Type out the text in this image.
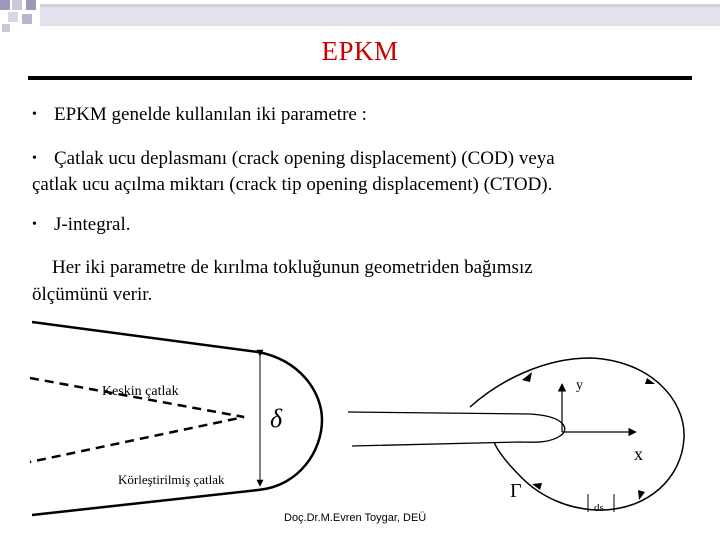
EPKM
• EPKM genelde kullanılan iki parametre :
• Çatlak ucu deplasmanı (crack opening displacement) (COD) veya
çatlak ucu açılma miktarı (crack tip opening displacement) (CTOD).
• J-integral.
Her iki parametre de kırılma tokluğunun geometriden bağımsız
ölçümünü verir.
Keskin çatlak
Körleştirilmiş çatlak
δ
y
x
Γ
ds
Doç.Dr.M.Evren Toygar, DEÜ
